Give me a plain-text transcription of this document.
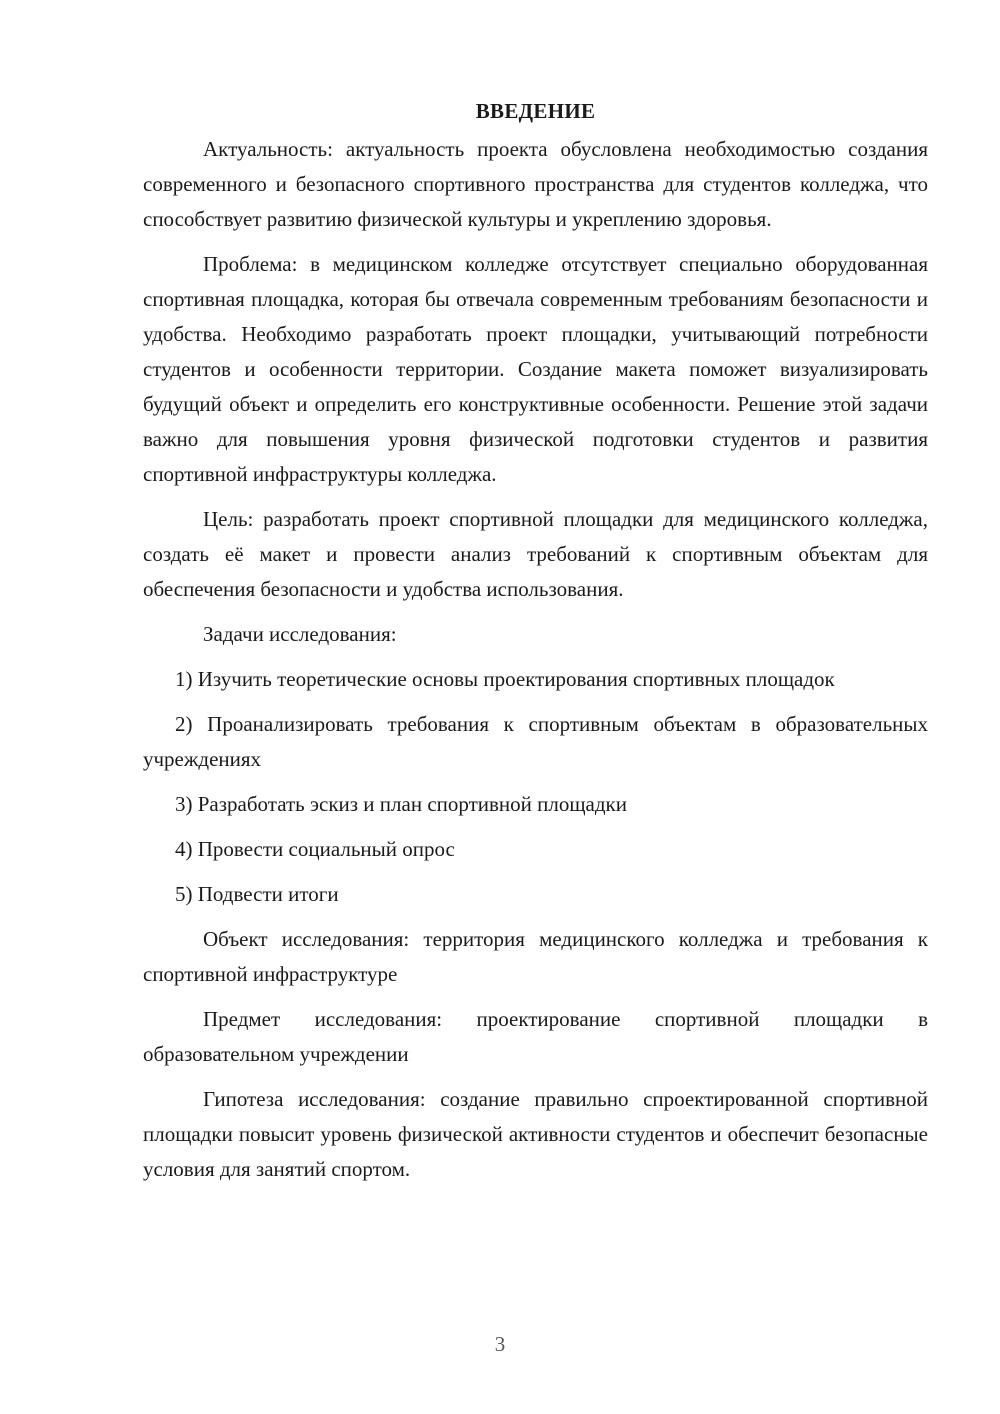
ВВЕДЕНИЕ

Актуальность: актуальность проекта обусловлена необходимостью создания современного и безопасного спортивного пространства для студентов колледжа, что способствует развитию физической культуры и укреплению здоровья.

Проблема: в медицинском колледже отсутствует специально оборудованная спортивная площадка, которая бы отвечала современным требованиям безопасности и удобства. Необходимо разработать проект площадки, учитывающий потребности студентов и особенности территории. Создание макета поможет визуализировать будущий объект и определить его конструктивные особенности. Решение этой задачи важно для повышения уровня физической подготовки студентов и развития спортивной инфраструктуры колледжа.

Цель: разработать проект спортивной площадки для медицинского колледжа, создать её макет и провести анализ требований к спортивным объектам для обеспечения безопасности и удобства использования.

Задачи исследования:

1) Изучить теоретические основы проектирования спортивных площадок

2) Проанализировать требования к спортивным объектам в образовательных учреждениях

3) Разработать эскиз и план спортивной площадки

4) Провести социальный опрос

5) Подвести итоги

Объект исследования: территория медицинского колледжа и требования к спортивной инфраструктуре

Предмет исследования: проектирование спортивной площадки в образовательном учреждении

Гипотеза исследования: создание правильно спроектированной спортивной площадки повысит уровень физической активности студентов и обеспечит безопасные условия для занятий спортом.

3
